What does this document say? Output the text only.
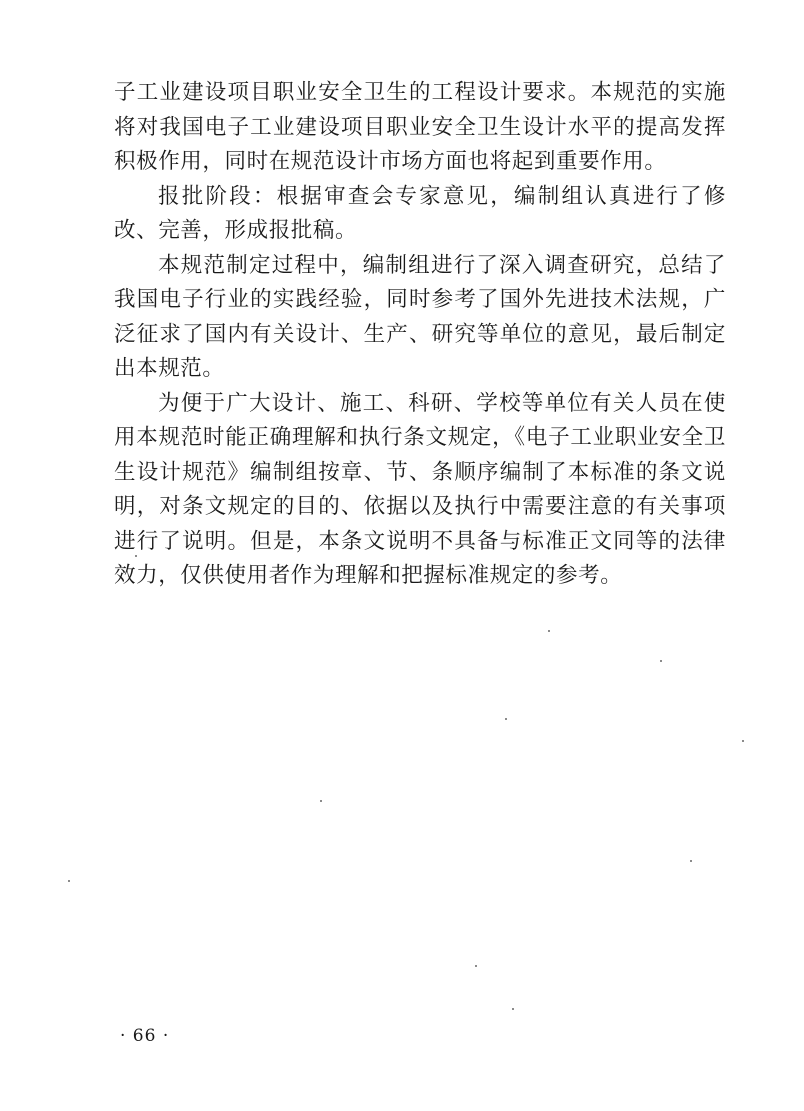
子工业建设项目职业安全卫生的工程设计要求。本规范的实施将对我国电子工业建设项目职业安全卫生设计水平的提高发挥积极作用，同时在规范设计市场方面也将起到重要作用。

报批阶段：根据审查会专家意见，编制组认真进行了修改、完善，形成报批稿。

本规范制定过程中，编制组进行了深入调查研究，总结了我国电子行业的实践经验，同时参考了国外先进技术法规，广泛征求了国内有关设计、生产、研究等单位的意见，最后制定出本规范。

为便于广大设计、施工、科研、学校等单位有关人员在使用本规范时能正确理解和执行条文规定，《电子工业职业安全卫生设计规范》编制组按章、节、条顺序编制了本标准的条文说明，对条文规定的目的、依据以及执行中需要注意的有关事项进行了说明。但是，本条文说明不具备与标准正文同等的法律效力，仅供使用者作为理解和把握标准规定的参考。

· 66 ·
